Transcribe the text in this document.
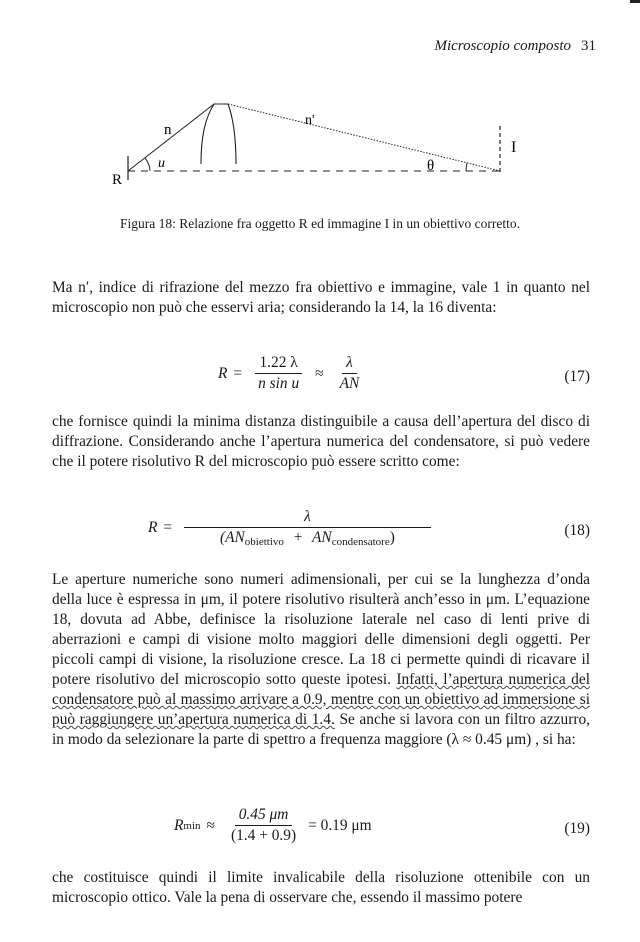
Microscopio composto 31
n
n'
u
R
I
θ
Figura 18: Relazione fra oggetto R ed immagine I in un obiettivo corretto.

Ma n′, indice di rifrazione del mezzo fra obiettivo e immagine, vale 1 in quanto nel microscopio non può che esservi aria; considerando la 14, la 16 diventa:

$R = \frac{1.22 \lambda}{\text{n sin u}} \approx \frac{\lambda}{AN}$	(17)

che fornisce quindi la minima distanza distinguibile a causa dell’apertura del disco di diffrazione. Considerando anche l’apertura numerica del condensatore, si può vedere che il potere risolutivo R del microscopio può essere scritto come:

$R = \frac{\lambda}{(AN_{obiettivo} + AN_{condensatore})}$	(18)

Le aperture numeriche sono numeri adimensionali, per cui se la lunghezza d’onda della luce è espressa in μm, il potere risolutivo risulterà anch’esso in μm. L’equazione 18, dovuta ad Abbe, definisce la risoluzione laterale nel caso di lenti prive di aberrazioni e campi di visione molto maggiori delle dimensioni degli oggetti. Per piccoli campi di visione, la risoluzione cresce. La 18 ci permette quindi di ricavare il potere risolutivo del microscopio sotto queste ipotesi. Infatti, l’apertura numerica del condensatore può al massimo arrivare a 0.9, mentre con un obiettivo ad immersione si può raggiungere un’apertura numerica di 1.4. Se anche si lavora con un filtro azzurro, in modo da selezionare la parte di spettro a frequenza maggiore (λ ≈ 0.45 μm) , si ha:

R $\min \approx \frac{0.45 \mu m}{(1.4 + 0.9)} = 0.19$ μm	(19)

che costituisce quindi il limite invalicabile della risoluzione ottenibile con un microscopio ottico. Vale la pena di osservare che, essendo il massimo potere
